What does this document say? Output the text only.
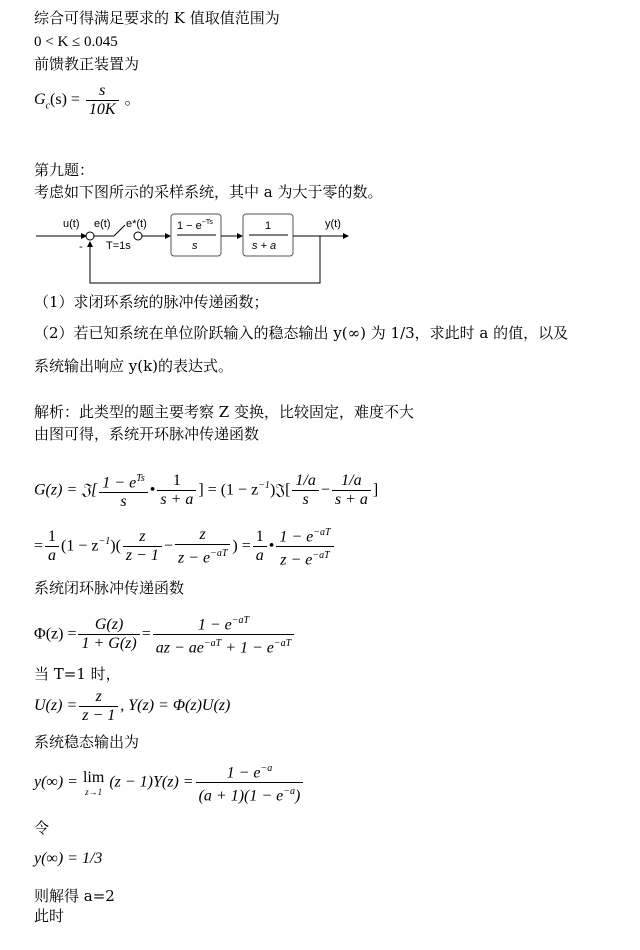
综合可得满足要求的 K 值取值范围为
0 < K ≤ 0.045
前馈教正装置为
$G_c(s) = \frac{s}{10K}$ 。
第九题：
考虑如下图所示的采样系统，其中 a 为大于零的数。
u(t)
-
e(t)
T=1s
e*(t)	$1 - e^{-Ts}$
s
1
s + a
y(t)
（1）求闭环系统的脉冲传递函数；
（2）若已知系统在单位阶跃输入的稳态输出 y(∞) 为 1/3，求此时 a 的值，以及
系统输出响应 y(k)的表达式。
解析：此类型的题主要考察 Z 变换，比较固定，难度不大
由图可得，系统开环脉冲传递函数
G(z) = 𝔍[ $\frac{1 - e^{Ts}}{s}$ • $\frac{1}{s + a}$ ] = $(1 - z^{-1})𝔍[ \frac{1/a}{s} - \frac{1/a}{s + a}$ ]
= $\frac{1}{a} (1 - z^{-1})( \frac{z}{z - 1} - \frac{z}{z - e^{-aT}}$ ) = $\frac{1}{a}$ • $\frac{1 - e^{-aT}}{z - e^{-aT}}$
系统闭环脉冲传递函数
$\Phi(z) = \frac{G(z)}{1 + G(z)} = \frac{1 - e^{-aT}}{az - ae^{-aT} + 1 - e^{-aT}}$
当 T=1 时，
$U(z) = \frac{z}{z - 1}$ , Y(z) = Φ(z)U(z)
系统稳态输出为
y(∞) = lim
z→1
$(z - 1)Y(z) = \frac{1 - e^{-a}}{(a + 1)(1 - e^{-a})}$
令
y(∞) = 1/3
则解得 a=2
此时
